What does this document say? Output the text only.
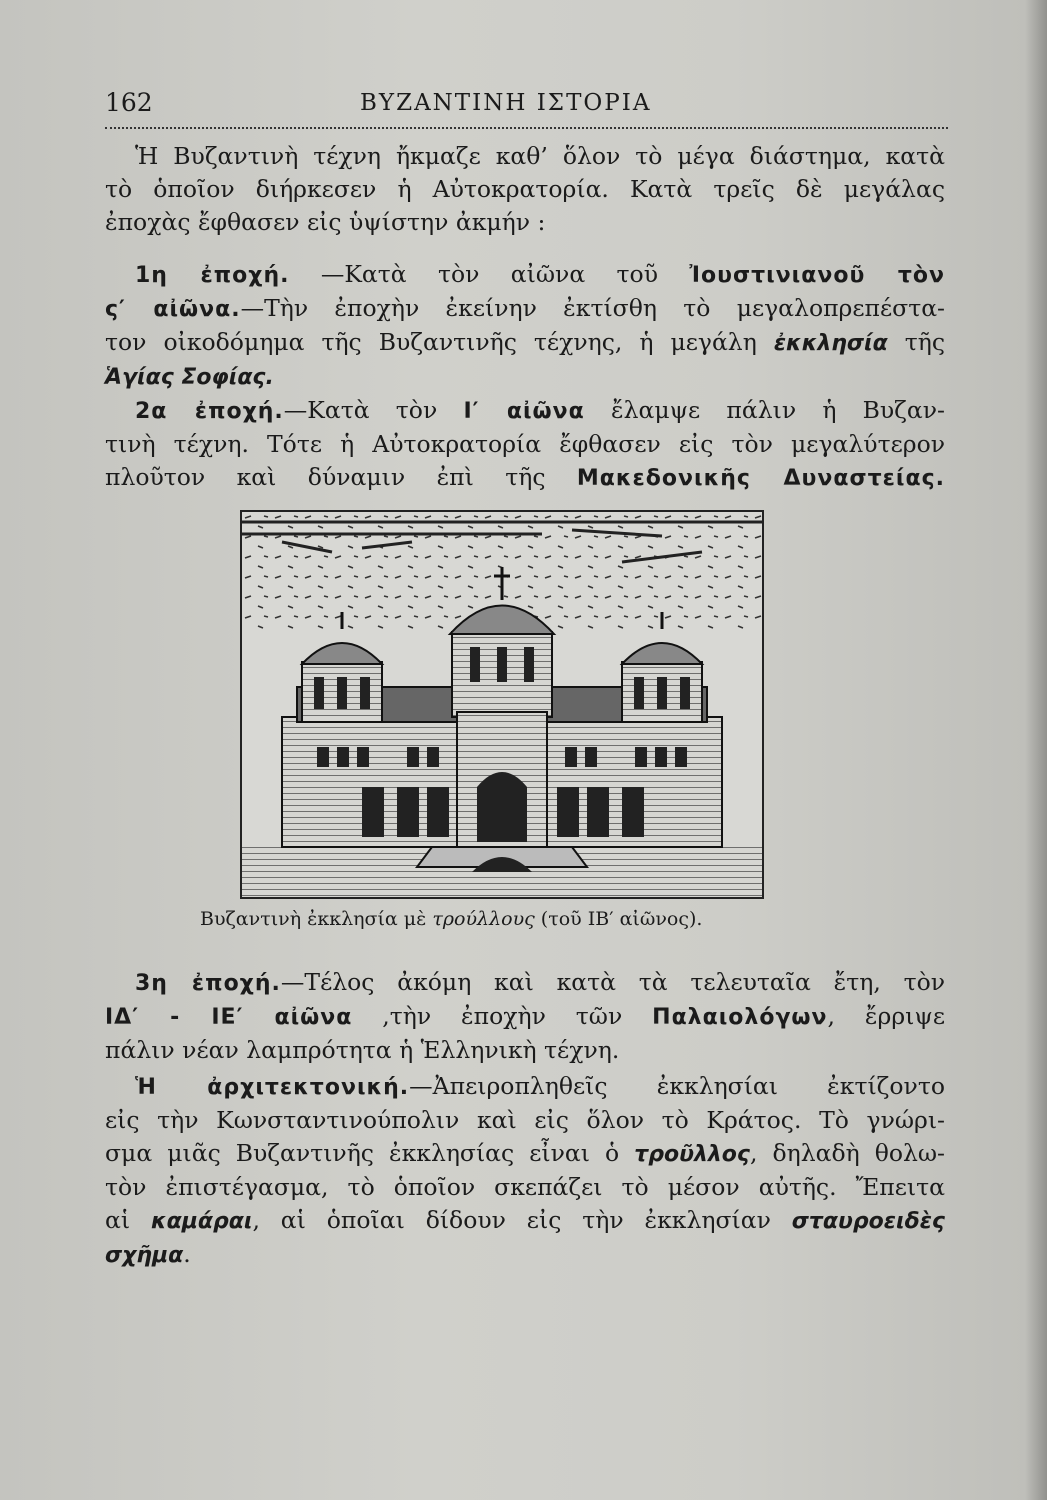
162	ΒΥΖΑΝΤΙΝΗ ΙΣΤΟΡΙΑ
Ἡ Βυζαντινὴ τέχνη ἤκμαζε καθ’ ὅλον τὸ μέγα διάστημα, κατὰ
τὸ ὁποῖον διήρκεσεν ἡ Αὐτοκρατορία. Κατὰ τρεῖς δὲ μεγάλας
ἐποχὰς ἔφθασεν εἰς ὑψίστην ἀκμήν :
1η ἐποχή. —Κατὰ τὸν αἰῶνα τοῦ Ἰουστινιανοῦ τὸν
ς′ αἰῶνα.—Τὴν ἐποχὴν ἐκείνην ἐκτίσθη τὸ μεγαλοπρεπέστα-
τον οἰκοδόμημα τῆς Βυζαντινῆς τέχνης, ἡ μεγάλη ἐκκλησία τῆς
Ἁγίας Σοφίας.
2α ἐποχή.—Κατὰ τὸν Ι′ αἰῶνα ἔλαμψε πάλιν ἡ Βυζαν-
τινὴ τέχνη. Τότε ἡ Αὐτοκρατορία ἔφθασεν εἰς τὸν μεγαλύτερον
πλοῦτον καὶ δύναμιν ἐπὶ τῆς Μακεδονικῆς Δυναστείας.
Βυζαντινὴ ἐκκλησία μὲ τρούλλους (τοῦ ΙΒ′ αἰῶνος).
3η ἐποχή.—Τέλος ἀκόμη καὶ κατὰ τὰ τελευταῖα ἔτη, τὸν
ΙΔ′ - ΙΕ′ αἰῶνα ,τὴν ἐποχὴν τῶν Παλαιολόγων, ἔρριψε
πάλιν νέαν λαμπρότητα ἡ Ἑλληνικὴ τέχνη.
Ἡ ἀρχιτεκτονική.—Ἀπειροπληθεῖς ἐκκλησίαι ἐκτίζοντο
εἰς τὴν Κωνσταντινούπολιν καὶ εἰς ὅλον τὸ Κράτος. Τὸ γνώρι-
σμα μιᾶς Βυζαντινῆς ἐκκλησίας εἶναι ὁ τροῦλλος, δηλαδὴ θολω-
τὸν ἐπιστέγασμα, τὸ ὁποῖον σκεπάζει τὸ μέσον αὐτῆς. Ἔπειτα
αἱ καμάραι, αἱ ὁποῖαι δίδουν εἰς τὴν ἐκκλησίαν σταυροειδὲς
σχῆμα.
